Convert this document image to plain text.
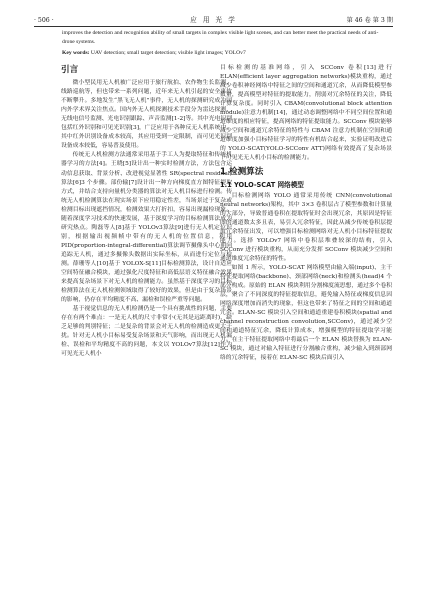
· 506 ·	应 用 光 学	第 46 卷 第 3 期

improves the detection and recognition ability of small targets in complex visible light scenes, and can better meet the practical needs of anti-drone systems.

Key words: UAV detection; small target detection; visible light images; YOLOv7

引言

微小型民用无人机被广泛应用于旅行航拍、农作物生长监测、线路巡航等，但也带来一系列问题，近年来无人机引起的安全事故不断攀升。多地发生“黑飞无人机”事件，无人机的探测研究成为国内外学术界关注焦点。国内外无人机探测技术手段分为雷达探测、无线电信号监测、光电识别跟踪、声音监测[1-2]等。其中光电识别包括红外识别和可见光识别[3]，广泛应用于各种反无人机系统中。其中红外识别设备成本较高，其应用受到一定限制，而可见光识别设备成本较低，容易普及使用。

传统无人机检测方法通常采用基于手工人为提取特征和传统机器学习的方法[4]。王晓[5]设计出一种实时检测方法，方法包含运动信息获取、背景分析、改进视觉显著性 SR(spectral residual)算法[6]3 个步骤。部份输[7]设计出一种方向梯度直方图特征提取方式，并结合支持向量机分类器的算法对无人机目标进行检测。传统无人机检测算法在现实场景下应用稳定性差，当场景过于复杂或检测目标出现遮挡情况，检测效果大打折扣，容易出现漏检现象。随着深度学习技术的快速发展，基于深度学习的目标检测算法成为研究热点。陶磊等人[8]基于 YOLOv3算法[9]进行无人机定位识别，根据输出视频帧中带有的无人机的位置信息，利用PID(proportion-integral-differential)算法调节摄像头中心朝向追踪无人机，通过多摄像头数据出实际坐标，从而进行定位与检测。薛珊等人[10]基于 YOLOX-S[11]目标检测算法，设计自适应空间特征融合模块，通过强化尺度特征和高低层语义特征融合效果来提高复杂场景下对无人机的检测能力。虽然基于深度学习的目标检测算法在无人机检测领域取得了较好的效果，但是由于复杂场景的影响，仍存在平均精度不高、漏检和误检严重等问题。

基于视觉信息的无人机检测仍是一个具有挑战性的问题，主要存在有两个难点：一是无人机的尺寸非常小(无其是远距离时)，缺乏足够的判别特征；二是复杂的背景会对无人机的检测造成更大干扰。针对无人机小目标易受复杂场景和天气影响，而出现无人机漏检、误检和平均精度不高的问题，本文以 YOLOv7算法[12]作为可见光无人机小

目标检测的基准网络，引入 SCConv 卷积[13]进行 ELAN(efficient layer aggregation networks)模块重构，通过减少卷积神经网络中特征之间的空间和通道冗余，从而降低模型参数量，提高模型对特征的提取能力，削弱对冗余特征的关注，降低计算复杂度。同时引入 CBAM(convolutional block attention module)注意力机制[14]，通过动态调整网络中不同空间位置和通道维度的相应特征，提高网络的特征提取能力。SCConv 模块能够减少空间和通道冗余特征的特性与 CBAM 注意力机制在空间和通道维度加强小目标特征学习的特性有机结合起来，实验证明改进后的 YOLO-SCAT(YOLO-SCConv ATT)网络有效提高了复杂场景下可见光无人机小目标的检测能力。

1 检测算法
1.1 YOLO-SCAT 网络模型

目标检测网络 YOLO 通常采用传统 CNN(convolutional neural networks)架构，其中 3×3 卷积层占了模型参数和计算量的大部分，导致普通卷积在提取特征时会出现冗余，其原因是特征图的通道数太多且表，易引入冗余特征，因此从减少传统卷积层提取冗余特征出发，可以增强目标检测网络对无人机小目标特征提取能力。选择 YOLOv7 网络中卷积层堆叠较深的结构，引入 SCConv 进行模块重构，从而充分发挥 SCConv 模块减少空间和通道维度冗余特征的特性。

如图 1 所示，YOLO-SCAT 网络模型由输入端(input)、主干特征提取网络(backbone)、颈部网络(neck)和检测头(head)4 个部分构成。原始的 ELAN 模块利用分割梯度流思想，通过多个卷积层，聚合了不同深度的特征提取信息，避免输入特征或梯度信息因网络深度增加而消失的现象，但这也带来了特征之间的空间和通道冗余。ELAN-SC 模块引入空间和通道重建卷积模块(spatial and channel reconstruction convolution,SCConv)，通过减少空间和通道特征冗余，降低计算成本，增强模型的特征提取学习能力。在主干特征提取网络中将最后一个 ELAN 模块替换为 ELAN-SC 模块，通过对输入特征进行分割融合重构，减少输入到颈部网络的冗余特征，接着在 ELAN-SC 模块后面引入
